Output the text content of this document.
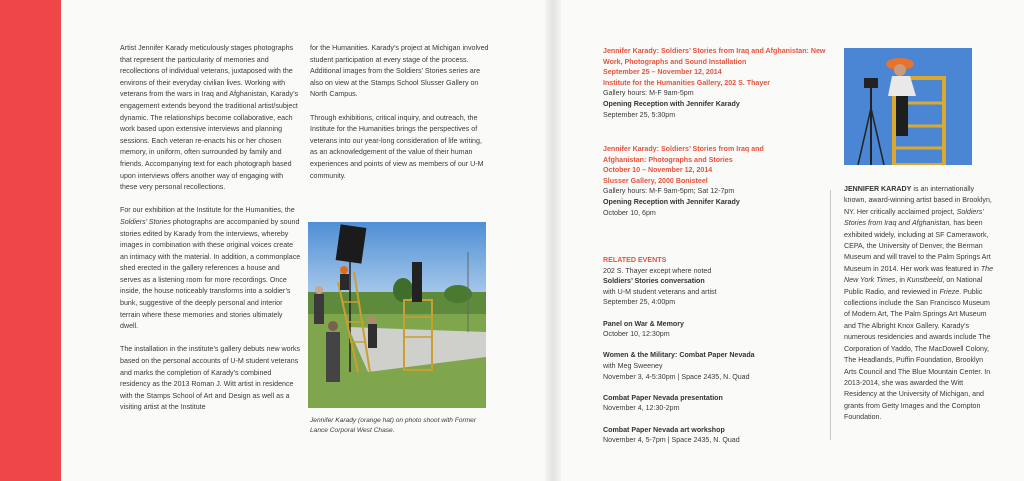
Artist Jennifer Karady meticulously stages photographs that represent the particularity of memories and recollections of individual veterans, juxtaposed with the environs of their everyday civilian lives. Working with veterans from the wars in Iraq and Afghanistan, Karady’s engagement extends beyond the traditional artist/subject dynamic. The relationships become collaborative, each work based upon extensive interviews and planning sessions. Each veteran re-enacts his or her chosen memory, in uniform, often surrounded by family and friends. Accompanying text for each photograph based upon interviews offers another way of engaging with these very personal recollections.

For our exhibition at the Institute for the Humanities, the Soldiers’ Stories photographs are accompanied by sound stories edited by Karady from the interviews, whereby images in combination with these original voices create an intimacy with the material. In addition, a commonplace shed erected in the gallery references a house and serves as a listening room for more recordings. Once inside, the house noticeably transforms into a soldier’s bunk, suggestive of the deeply personal and interior terrain where these memories and stories ultimately dwell.

The installation in the institute’s gallery debuts new works based on the personal accounts of U-M student veterans and marks the completion of Karady’s combined residency as the 2013 Roman J. Witt artist in residence with the Stamps School of Art and Design as well as a visiting artist at the Institute

for the Humanities. Karady’s project at Michigan involved student participation at every stage of the process. Additional images from the Soldiers’ Stories series are also on view at the Stamps School Slusser Gallery on North Campus.

Through exhibitions, critical inquiry, and outreach, the Institute for the Humanities brings the perspectives of veterans into our year-long consideration of life writing, as an acknowledgement of the value of their human experiences and points of view as members of our U-M community.

Jennifer Karady (orange hat) on photo shoot with Former Lance Corporal West Chase.
Jennifer Karady: Soldiers’ Stories from Iraq and Afghanistan: New Work, Photographs and Sound Installation
September 25 – November 12, 2014
Institute for the Humanities Gallery, 202 S. Thayer
Gallery hours: M-F 9am-5pm
Opening Reception with Jennifer Karady
September 25, 5:30pm
Jennifer Karady: Soldiers’ Stories from Iraq and Afghanistan: Photographs and Stories
October 10 – November 12, 2014
Slusser Gallery, 2000 Bonisteel
Gallery hours: M-F 9am-5pm; Sat 12-7pm
Opening Reception with Jennifer Karady
October 10, 6pm
RELATED EVENTS
202 S. Thayer except where noted
Soldiers’ Stories conversation
with U-M student veterans and artist
September 25, 4:00pm
Panel on War & Memory
October 10, 12:30pm
Women & the Military: Combat Paper Nevada
with Meg Sweeney
November 3, 4-5:30pm | Space 2435, N. Quad
Combat Paper Nevada presentation
November 4, 12:30-2pm
Combat Paper Nevada art workshop
November 4, 5-7pm | Space 2435, N. Quad
JENNIFER KARADY is an internationally known, award-winning artist based in Brooklyn, NY. Her critically acclaimed project, Soldiers’ Stories from Iraq and Afghanistan, has been exhibited widely, including at SF Camerawork, CEPA, the University of Denver, the Berman Museum and will travel to the Palm Springs Art Museum in 2014. Her work was featured in The New York Times, in Kunstbeeld, on National Public Radio, and reviewed in Frieze. Public collections include the San Francisco Museum of Modern Art, The Palm Springs Art Museum and The Albright Knox Gallery. Karady’s numerous residencies and awards include The Corporation of Yaddo, The MacDowell Colony, The Headlands, Puffin Foundation, Brooklyn Arts Council and The Blue Mountain Center. In 2013-2014, she was awarded the Witt Residency at the University of Michigan, and grants from Getty Images and the Compton Foundation.
